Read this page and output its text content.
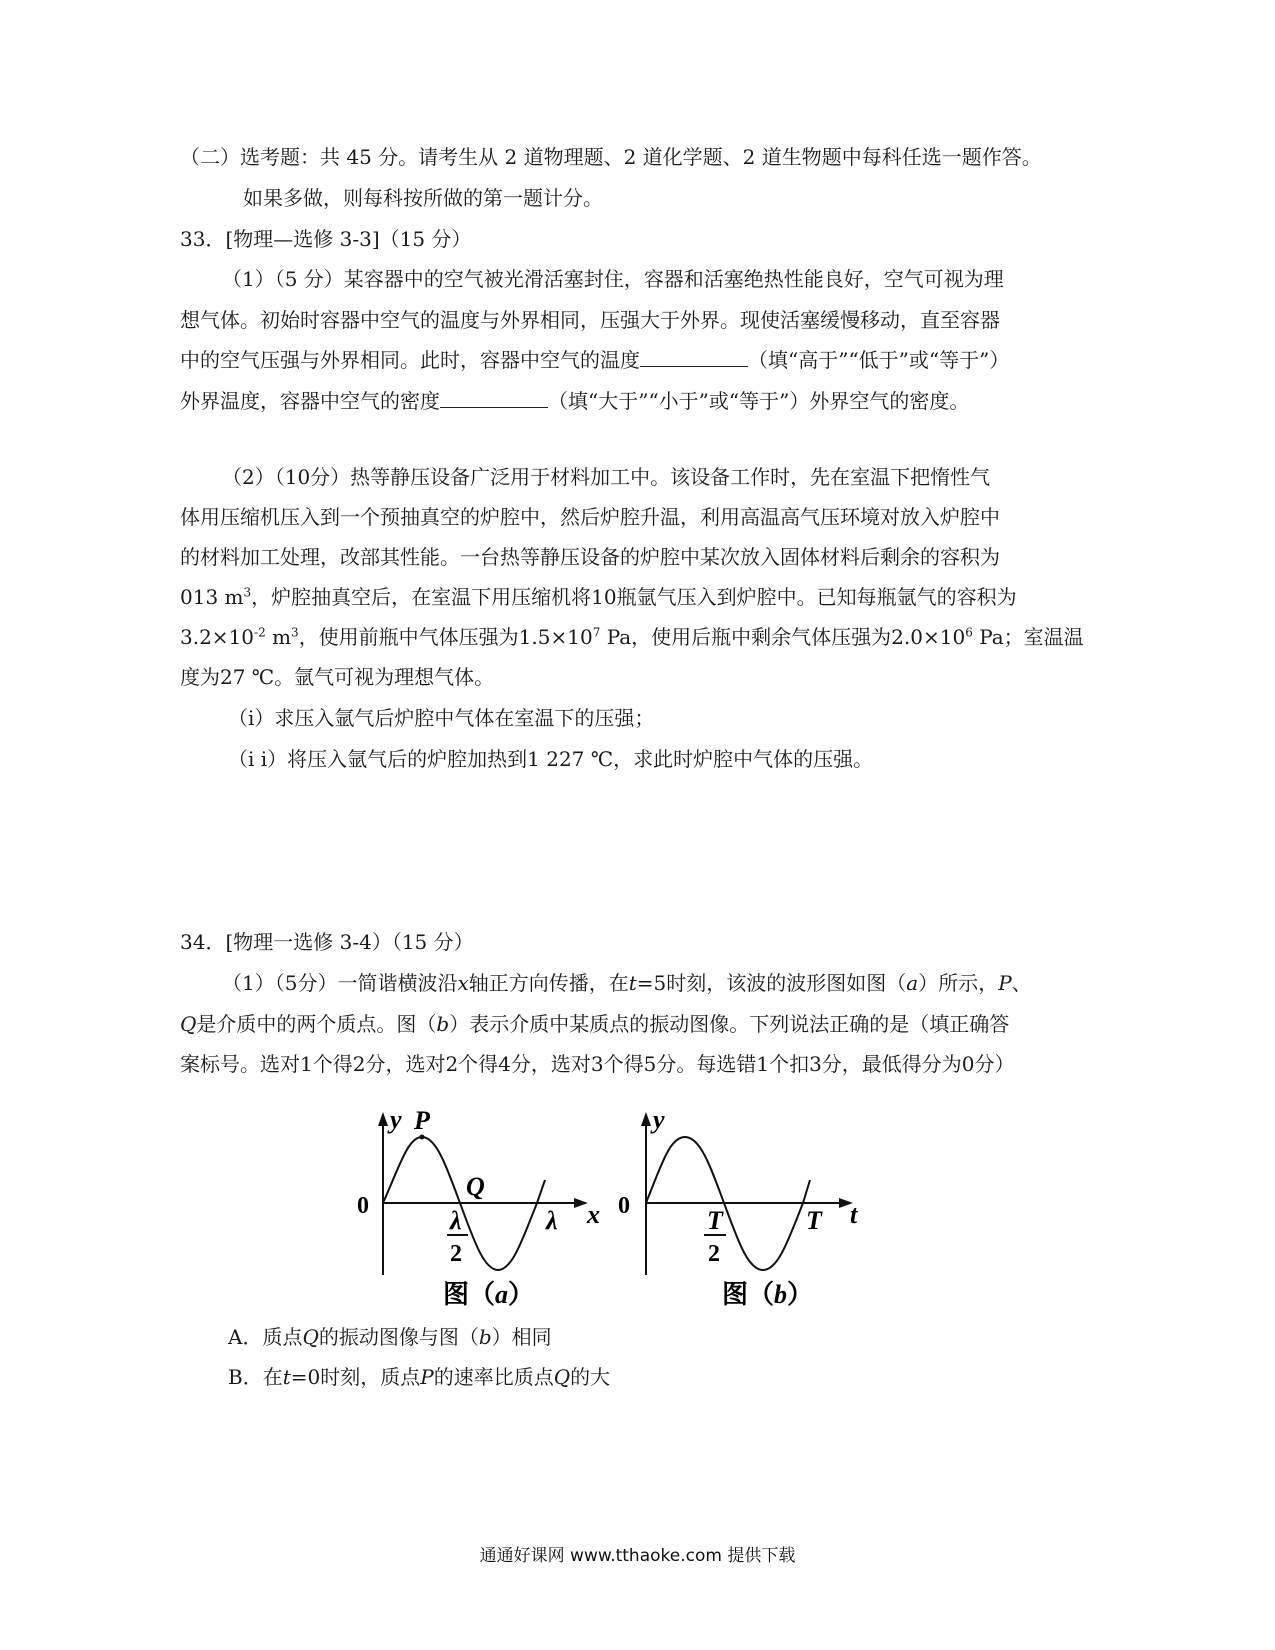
（二）选考题：共 45 分。请考生从 2 道物理题、2 道化学题、2 道生物题中每科任选一题作答。
如果多做，则每科按所做的第一题计分。
33．[物理—选修 3-3]（15 分）
（1）（5 分）某容器中的空气被光滑活塞封住，容器和活塞绝热性能良好，空气可视为理
想气体。初始时容器中空气的温度与外界相同，压强大于外界。现使活塞缓慢移动，直至容器
中的空气压强与外界相同。此时，容器中空气的温度	（填“高于”“低于”或“等于”）
外界温度，容器中空气的密度	（填“大于”“小于”或“等于”）外界空气的密度。
（2）（10分）热等静压设备广泛用于材料加工中。该设备工作时，先在室温下把惰性气
体用压缩机压入到一个预抽真空的炉腔中，然后炉腔升温，利用高温高气压环境对放入炉腔中
的材料加工处理，改部其性能。一台热等静压设备的炉腔中某次放入固体材料后剩余的容积为
013 $m^3$，炉腔抽真空后，在室温下用压缩机将10瓶氩气压入到炉腔中。已知每瓶氩气的容积为
$3.2\times 10^{-2}$ $m^3$，使用前瓶中气体压强为$1.5\times 10^7$ Pa，使用后瓶中剩余气体压强为$2.0\times 10^6$ Pa；室温温
度为27 ℃。氩气可视为理想气体。
（i）求压入氩气后炉腔中气体在室温下的压强；
（i i）将压入氩气后的炉腔加热到1 227 ℃，求此时炉腔中气体的压强。
34．[物理一选修 3-4）（15 分）
（1）（5分）一简谐横波沿x轴正方向传播，在t=5时刻，该波的波形图如图（a）所示，P、
Q是介质中的两个质点。图（b）表示介质中某质点的振动图像。下列说法正确的是（填正确答
案标号。选对1个得2分，选对2个得4分，选对3个得5分。每选错1个扣3分，最低得分为0分）
y P
Q
0	λ
2
λ x
图（a）
y
0	T
2
T t
图（b）
A．质点Q的振动图像与图（b）相同
B．在t=0时刻，质点P的速率比质点Q的大
通通好课网 www.tthaoke.com 提供下载
